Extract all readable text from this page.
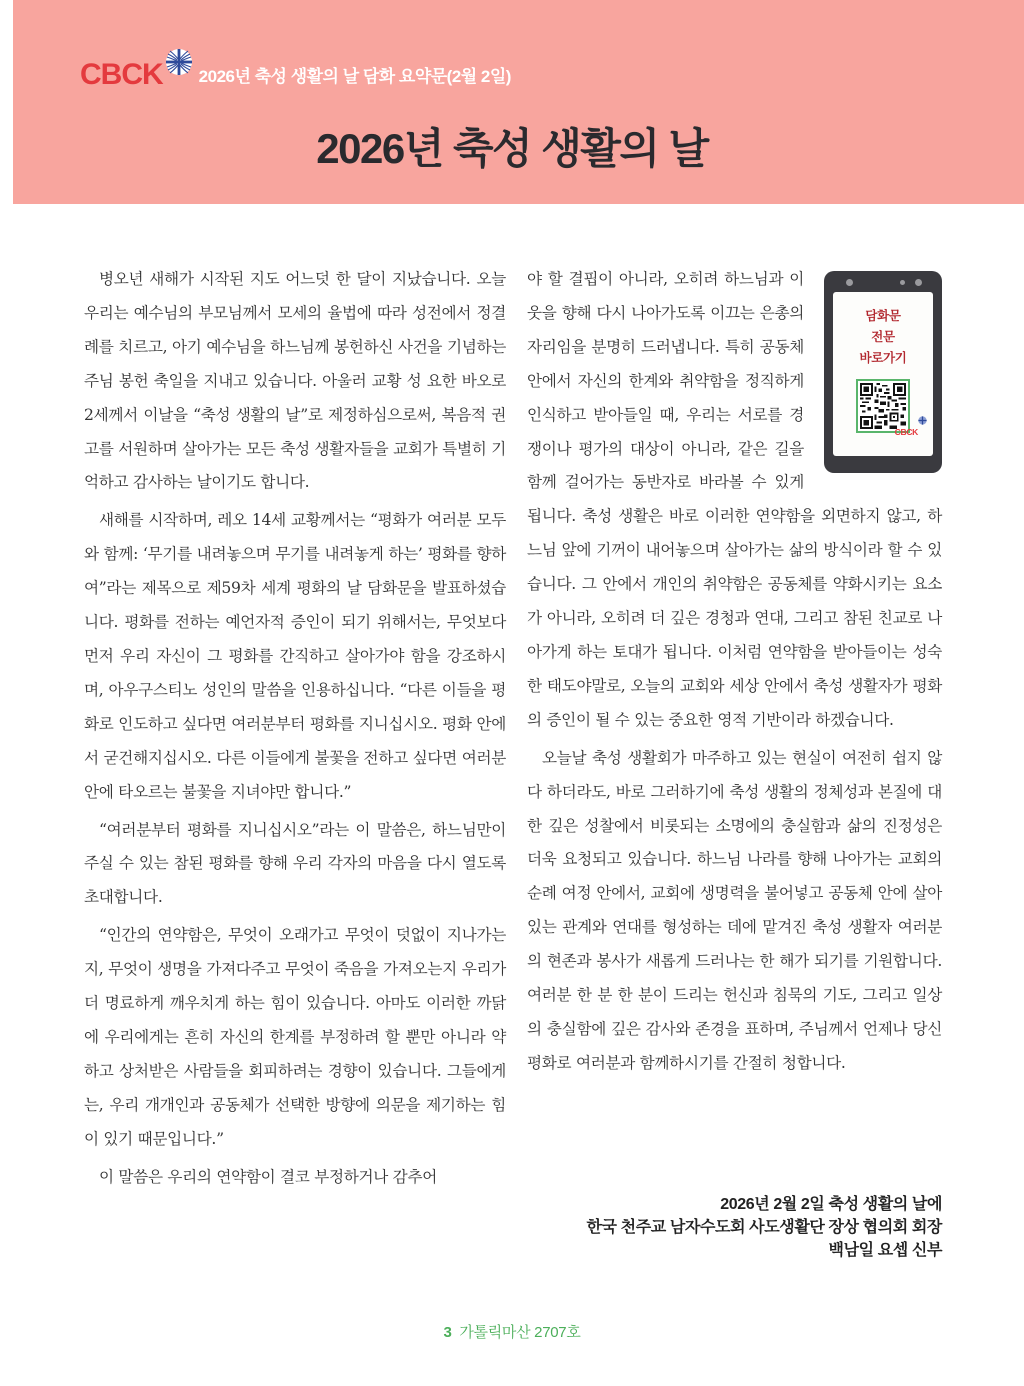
CBCK 2026년 축성 생활의 날 담화 요약문(2월 2일)
2026년 축성 생활의 날

병오년 새해가 시작된 지도 어느덧 한 달이 지났습니다. 오늘 우리는 예수님의 부모님께서 모세의 율법에 따라 성전에서 정결례를 치르고, 아기 예수님을 하느님께 봉헌하신 사건을 기념하는 주님 봉헌 축일을 지내고 있습니다. 아울러 교황 성 요한 바오로 2세께서 이날을 “축성 생활의 날”로 제정하심으로써, 복음적 권고를 서원하며 살아가는 모든 축성 생활자들을 교회가 특별히 기억하고 감사하는 날이기도 합니다.

새해를 시작하며, 레오 14세 교황께서는 “평화가 여러분 모두와 함께: ‘무기를 내려놓으며 무기를 내려놓게 하는’ 평화를 향하여”라는 제목으로 제59차 세계 평화의 날 담화문을 발표하셨습니다. 평화를 전하는 예언자적 증인이 되기 위해서는, 무엇보다 먼저 우리 자신이 그 평화를 간직하고 살아가야 함을 강조하시며, 아우구스티노 성인의 말씀을 인용하십니다. “다른 이들을 평화로 인도하고 싶다면 여러분부터 평화를 지니십시오. 평화 안에서 굳건해지십시오. 다른 이들에게 불꽃을 전하고 싶다면 여러분 안에 타오르는 불꽃을 지녀야만 합니다.”

“여러분부터 평화를 지니십시오”라는 이 말씀은, 하느님만이 주실 수 있는 참된 평화를 향해 우리 각자의 마음을 다시 열도록 초대합니다.

“인간의 연약함은, 무엇이 오래가고 무엇이 덧없이 지나가는지, 무엇이 생명을 가져다주고 무엇이 죽음을 가져오는지 우리가 더 명료하게 깨우치게 하는 힘이 있습니다. 아마도 이러한 까닭에 우리에게는 흔히 자신의 한계를 부정하려 할 뿐만 아니라 약하고 상처받은 사람들을 회피하려는 경향이 있습니다. 그들에게는, 우리 개개인과 공동체가 선택한 방향에 의문을 제기하는 힘이 있기 때문입니다.”

이 말씀은 우리의 연약함이 결코 부정하거나 감추어

담화문
전문
바로가기
CBCK

야 할 결핍이 아니라, 오히려 하느님과 이웃을 향해 다시 나아가도록 이끄는 은총의 자리임을 분명히 드러냅니다. 특히 공동체 안에서 자신의 한계와 취약함을 정직하게 인식하고 받아들일 때, 우리는 서로를 경쟁이나 평가의 대상이 아니라, 같은 길을 함께 걸어가는 동반자로 바라볼 수 있게 됩니다. 축성 생활은 바로 이러한 연약함을 외면하지 않고, 하느님 앞에 기꺼이 내어놓으며 살아가는 삶의 방식이라 할 수 있습니다. 그 안에서 개인의 취약함은 공동체를 약화시키는 요소가 아니라, 오히려 더 깊은 경청과 연대, 그리고 참된 친교로 나아가게 하는 토대가 됩니다. 이처럼 연약함을 받아들이는 성숙한 태도야말로, 오늘의 교회와 세상 안에서 축성 생활자가 평화의 증인이 될 수 있는 중요한 영적 기반이라 하겠습니다.

오늘날 축성 생활회가 마주하고 있는 현실이 여전히 쉽지 않다 하더라도, 바로 그러하기에 축성 생활의 정체성과 본질에 대한 깊은 성찰에서 비롯되는 소명에의 충실함과 삶의 진정성은 더욱 요청되고 있습니다. 하느님 나라를 향해 나아가는 교회의 순례 여정 안에서, 교회에 생명력을 불어넣고 공동체 안에 살아 있는 관계와 연대를 형성하는 데에 맡겨진 축성 생활자 여러분의 현존과 봉사가 새롭게 드러나는 한 해가 되기를 기원합니다. 여러분 한 분 한 분이 드리는 헌신과 침묵의 기도, 그리고 일상의 충실함에 깊은 감사와 존경을 표하며, 주님께서 언제나 당신 평화로 여러분과 함께하시기를 간절히 청합니다.

2026년 2월 2일 축성 생활의 날에
한국 천주교 남자수도회 사도생활단 장상 협의회 회장
백남일 요셉 신부
3 가톨릭마산 2707호
